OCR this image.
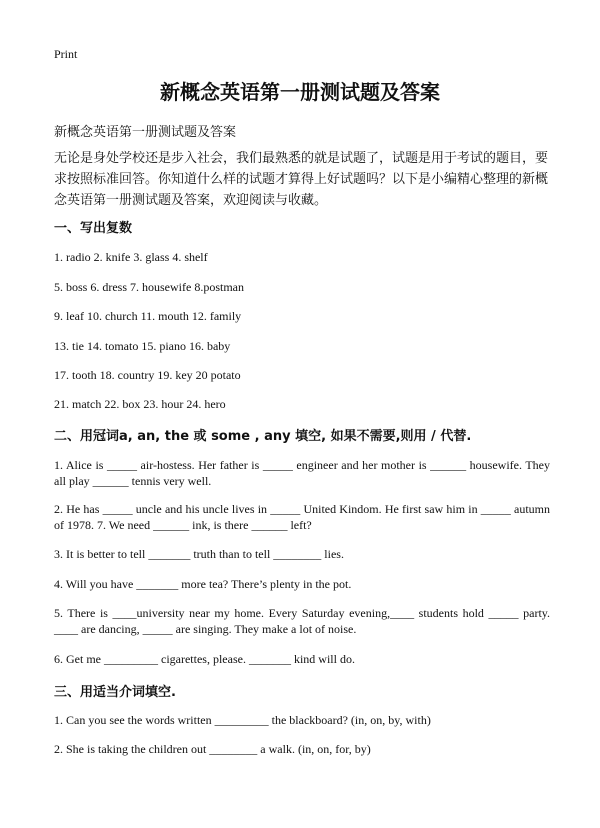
Print
新概念英语第一册测试题及答案
新概念英语第一册测试题及答案
无论是身处学校还是步入社会，我们最熟悉的就是试题了，试题是用于考试的题目，要求按照标准回答。你知道什么样的试题才算得上好试题吗？以下是小编精心整理的新概念英语第一册测试题及答案，欢迎阅读与收藏。
一、写出复数
1. radio 2. knife 3. glass 4. shelf
5. boss 6. dress 7. housewife 8.postman
9. leaf 10. church 11. mouth 12. family
13. tie 14. tomato 15. piano 16. baby
17. tooth 18. country 19. key 20 potato
21. match 22. box 23. hour 24. hero
二、用冠词a, an, the 或 some , any 填空, 如果不需要,则用 / 代替.
1. Alice is _____ air-hostess. Her father is _____ engineer and her mother is ______ housewife. They all play ______ tennis very well.
2. He has _____ uncle and his uncle lives in _____ United Kindom. He first saw him in _____ autumn of 1978. 7. We need ______ ink, is there ______ left?
3. It is better to tell _______ truth than to tell ________ lies.
4. Will you have _______ more tea? There’s plenty in the pot.
5. There is ____university near my home. Every Saturday evening,____ students hold _____ party. ____ are dancing, _____ are singing. They make a lot of noise.
6. Get me _________ cigarettes, please. _______ kind will do.
三、用适当介词填空.
1. Can you see the words written _________ the blackboard? (in, on, by, with)
2. She is taking the children out ________ a walk. (in, on, for, by)
